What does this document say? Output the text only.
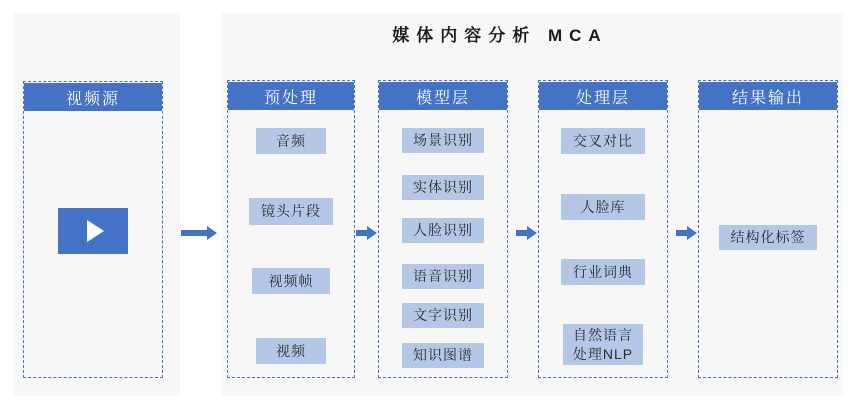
媒体内容分析 MCA
视频源	预处理
音频
镜头片段
视频帧
视频
模型层
场景识别
实体识别
人脸识别
语音识别
文字识别
知识图谱
处理层
交叉对比
人脸库
行业词典
自然语言处理NLP
结果输出
结构化标签
